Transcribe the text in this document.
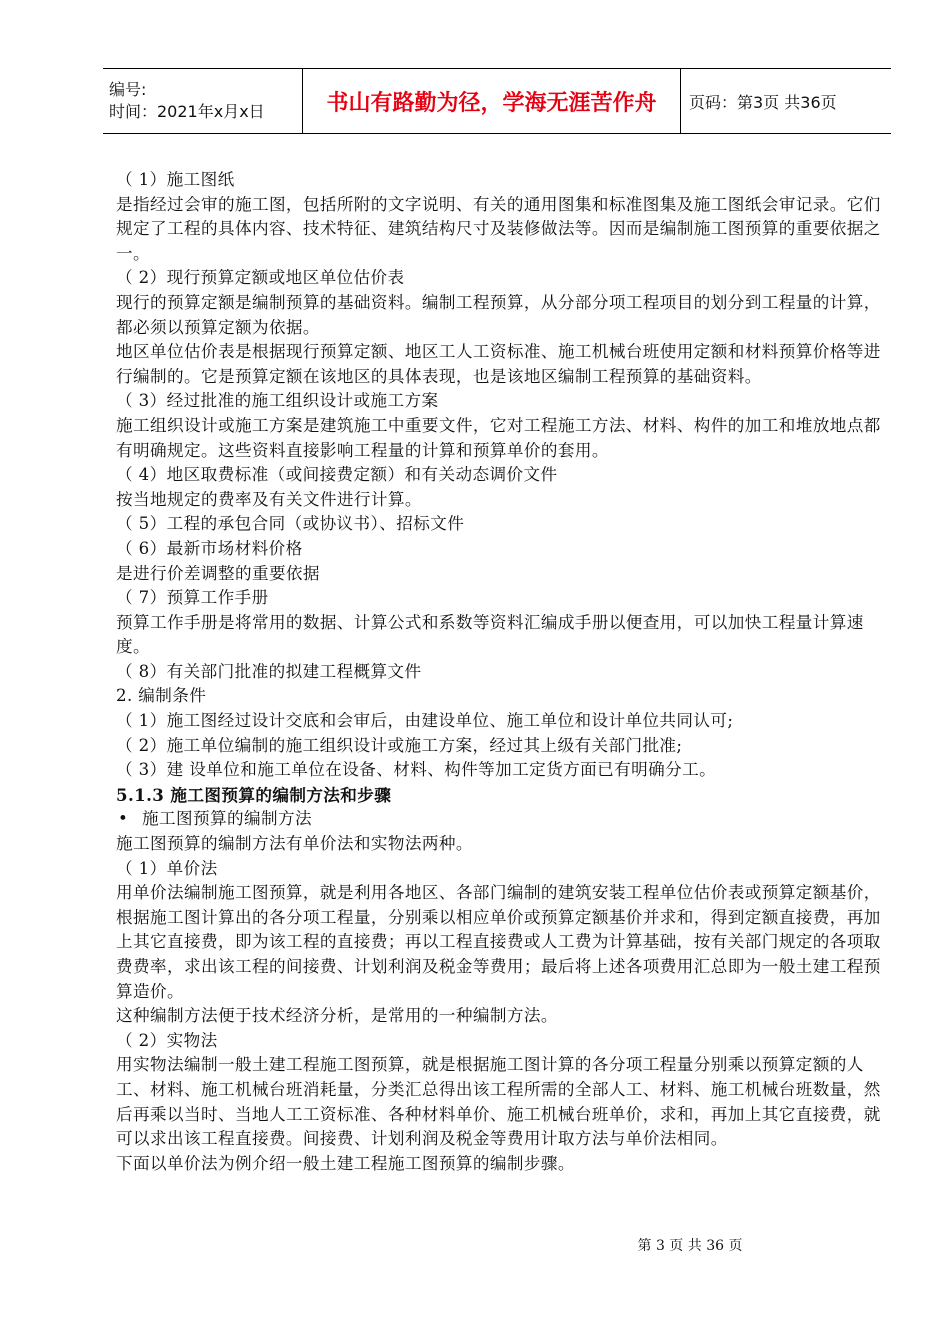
编号:
时间：2021年x月x日	书山有路勤为径，学海无涯苦作舟	页码：第3页 共36页

（ 1）施工图纸

是指经过会审的施工图，包括所附的文字说明、有关的通用图集和标准图集及施工图纸会审记录。它们规定了工程的具体内容、技术特征、建筑结构尺寸及装修做法等。因而是编制施工图预算的重要依据之一。

（ 2）现行预算定额或地区单位估价表

现行的预算定额是编制预算的基础资料。编制工程预算，从分部分项工程项目的划分到工程量的计算，都必须以预算定额为依据。

地区单位估价表是根据现行预算定额、地区工人工资标准、施工机械台班使用定额和材料预算价格等进行编制的。它是预算定额在该地区的具体表现，也是该地区编制工程预算的基础资料。

（ 3）经过批准的施工组织设计或施工方案

施工组织设计或施工方案是建筑施工中重要文件，它对工程施工方法、材料、构件的加工和堆放地点都有明确规定。这些资料直接影响工程量的计算和预算单价的套用。

（ 4）地区取费标准（或间接费定额）和有关动态调价文件

按当地规定的费率及有关文件进行计算。

（ 5）工程的承包合同（或协议书）、招标文件

（ 6）最新市场材料价格

是进行价差调整的重要依据

（ 7）预算工作手册

预算工作手册是将常用的数据、计算公式和系数等资料汇编成手册以便查用，可以加快工程量计算速度。

（ 8）有关部门批准的拟建工程概算文件

2. 编制条件

（ 1）施工图经过设计交底和会审后，由建设单位、施工单位和设计单位共同认可;

（ 2）施工单位编制的施工组织设计或施工方案，经过其上级有关部门批准;

（ 3）建 设单位和施工单位在设备、材料、构件等加工定货方面已有明确分工。

5.1.3 施工图预算的编制方法和步骤

• 施工图预算的编制方法

施工图预算的编制方法有单价法和实物法两种。

（ 1）单价法

用单价法编制施工图预算，就是利用各地区、各部门编制的建筑安装工程单位估价表或预算定额基价，根据施工图计算出的各分项工程量，分别乘以相应单价或预算定额基价并求和，得到定额直接费，再加上其它直接费，即为该工程的直接费；再以工程直接费或人工费为计算基础，按有关部门规定的各项取费费率，求出该工程的间接费、计划利润及税金等费用；最后将上述各项费用汇总即为一般土建工程预算造价。

这种编制方法便于技术经济分析，是常用的一种编制方法。

（ 2）实物法

用实物法编制一般土建工程施工图预算，就是根据施工图计算的各分项工程量分别乘以预算定额的人工、材料、施工机械台班消耗量，分类汇总得出该工程所需的全部人工、材料、施工机械台班数量，然后再乘以当时、当地人工工资标准、各种材料单价、施工机械台班单价，求和，再加上其它直接费，就可以求出该工程直接费。间接费、计划利润及税金等费用计取方法与单价法相同。

下面以单价法为例介绍一般土建工程施工图预算的编制步骤。

第 3 页 共 36 页
